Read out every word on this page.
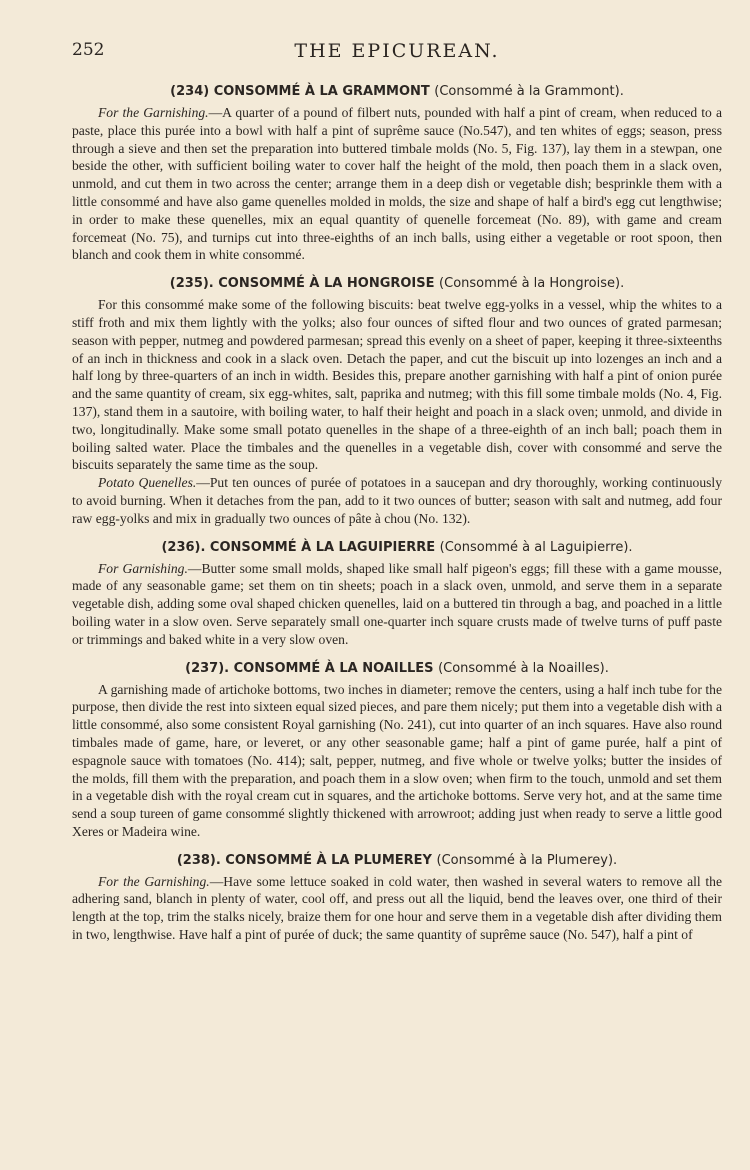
252	THE EPICUREAN.
(234) CONSOMMÉ À LA GRAMMONT (Consommé à la Grammont).

For the Garnishing.—A quarter of a pound of filbert nuts, pounded with half a pint of cream, when reduced to a paste, place this purée into a bowl with half a pint of suprême sauce (No.547), and ten whites of eggs; season, press through a sieve and then set the preparation into buttered timbale molds (No. 5, Fig. 137), lay them in a stewpan, one beside the other, with sufficient boiling water to cover half the height of the mold, then poach them in a slack oven, unmold, and cut them in two across the center; arrange them in a deep dish or vegetable dish; besprinkle them with a little consommé and have also game quenelles molded in molds, the size and shape of half a bird's egg cut lengthwise; in order to make these quenelles, mix an equal quantity of quenelle forcemeat (No. 89), with game and cream forcemeat (No. 75), and turnips cut into three-eighths of an inch balls, using either a vegetable or root spoon, then blanch and cook them in white consommé.

(235). CONSOMMÉ À LA HONGROISE (Consommé à la Hongroise).

For this consommé make some of the following biscuits: beat twelve egg-yolks in a vessel, whip the whites to a stiff froth and mix them lightly with the yolks; also four ounces of sifted flour and two ounces of grated parmesan; season with pepper, nutmeg and powdered parmesan; spread this evenly on a sheet of paper, keeping it three-sixteenths of an inch in thickness and cook in a slack oven. Detach the paper, and cut the biscuit up into lozenges an inch and a half long by three-quarters of an inch in width. Besides this, prepare another garnishing with half a pint of onion purée and the same quantity of cream, six egg-whites, salt, paprika and nutmeg; with this fill some timbale molds (No. 4, Fig. 137), stand them in a sautoire, with boiling water, to half their height and poach in a slack oven; unmold, and divide in two, longitudinally. Make some small potato quenelles in the shape of a three-eighth of an inch ball; poach them in boiling salted water. Place the timbales and the quenelles in a vegetable dish, cover with consommé and serve the biscuits separately the same time as the soup.

Potato Quenelles.—Put ten ounces of purée of potatoes in a saucepan and dry thoroughly, working continuously to avoid burning. When it detaches from the pan, add to it two ounces of butter; season with salt and nutmeg, add four raw egg-yolks and mix in gradually two ounces of pâte à chou (No. 132).

(236). CONSOMMÉ À LA LAGUIPIERRE (Consommé à al Laguipierre).

For Garnishing.—Butter some small molds, shaped like small half pigeon's eggs; fill these with a game mousse, made of any seasonable game; set them on tin sheets; poach in a slack oven, unmold, and serve them in a separate vegetable dish, adding some oval shaped chicken quenelles, laid on a buttered tin through a bag, and poached in a little boiling water in a slow oven. Serve separately small one-quarter inch square crusts made of twelve turns of puff paste or trimmings and baked white in a very slow oven.

(237). CONSOMMÉ À LA NOAILLES (Consommé à la Noailles).

A garnishing made of artichoke bottoms, two inches in diameter; remove the centers, using a half inch tube for the purpose, then divide the rest into sixteen equal sized pieces, and pare them nicely; put them into a vegetable dish with a little consommé, also some consistent Royal garnishing (No. 241), cut into quarter of an inch squares. Have also round timbales made of game, hare, or leveret, or any other seasonable game; half a pint of game purée, half a pint of espagnole sauce with tomatoes (No. 414); salt, pepper, nutmeg, and five whole or twelve yolks; butter the insides of the molds, fill them with the preparation, and poach them in a slow oven; when firm to the touch, unmold and set them in a vegetable dish with the royal cream cut in squares, and the artichoke bottoms. Serve very hot, and at the same time send a soup tureen of game consommé slightly thickened with arrowroot; adding just when ready to serve a little good Xeres or Madeira wine.

(238). CONSOMMÉ À LA PLUMEREY (Consommé à la Plumerey).

For the Garnishing.—Have some lettuce soaked in cold water, then washed in several waters to remove all the adhering sand, blanch in plenty of water, cool off, and press out all the liquid, bend the leaves over, one third of their length at the top, trim the stalks nicely, braize them for one hour and serve them in a vegetable dish after dividing them in two, lengthwise. Have half a pint of purée of duck; the same quantity of suprême sauce (No. 547), half a pint of
